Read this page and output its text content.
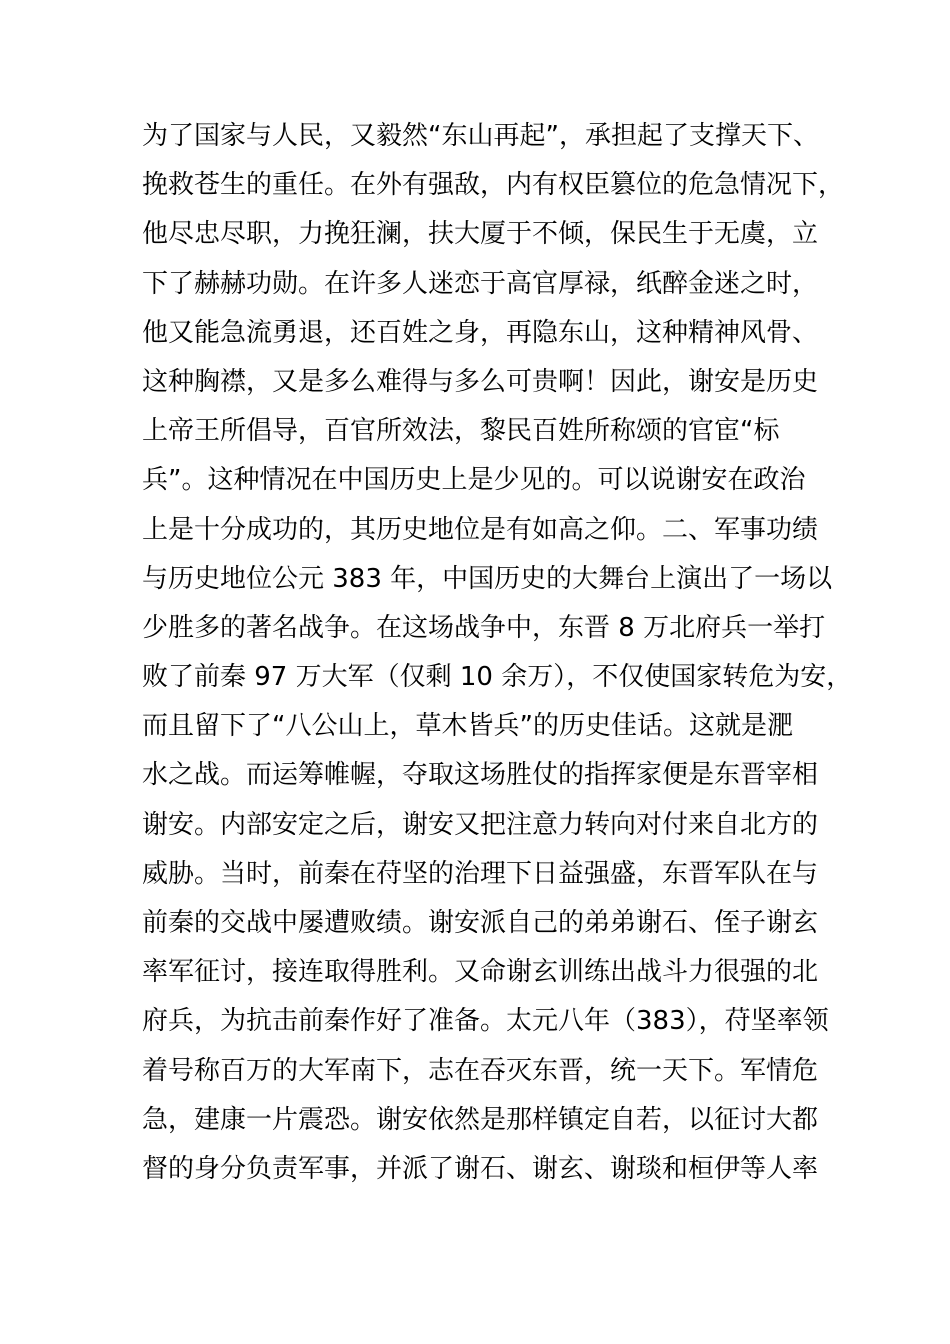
为了国家与人民，又毅然“东山再起”，承担起了支撑天下、
挽救苍生的重任。在外有强敌，内有权臣篡位的危急情况下，
他尽忠尽职，力挽狂澜，扶大厦于不倾，保民生于无虞，立
下了赫赫功勋。在许多人迷恋于高官厚禄，纸醉金迷之时，
他又能急流勇退，还百姓之身，再隐东山，这种精神风骨、
这种胸襟，又是多么难得与多么可贵啊！因此，谢安是历史
上帝王所倡导，百官所效法，黎民百姓所称颂的官宦“标
兵”。这种情况在中国历史上是少见的。可以说谢安在政治
上是十分成功的，其历史地位是有如高之仰。二、军事功绩
与历史地位公元 383 年，中国历史的大舞台上演出了一场以
少胜多的著名战争。在这场战争中，东晋 8 万北府兵一举打
败了前秦 97 万大军（仅剩 10 余万），不仅使国家转危为安，
而且留下了“八公山上，草木皆兵”的历史佳话。这就是淝
水之战。而运筹帷幄，夺取这场胜仗的指挥家便是东晋宰相
谢安。内部安定之后，谢安又把注意力转向对付来自北方的
威胁。当时，前秦在苻坚的治理下日益强盛，东晋军队在与
前秦的交战中屡遭败绩。谢安派自己的弟弟谢石、侄子谢玄
率军征讨，接连取得胜利。又命谢玄训练出战斗力很强的北
府兵，为抗击前秦作好了准备。太元八年（383），苻坚率领
着号称百万的大军南下，志在吞灭东晋，统一天下。军情危
急，建康一片震恐。谢安依然是那样镇定自若，以征讨大都
督的身分负责军事，并派了谢石、谢玄、谢琰和桓伊等人率
